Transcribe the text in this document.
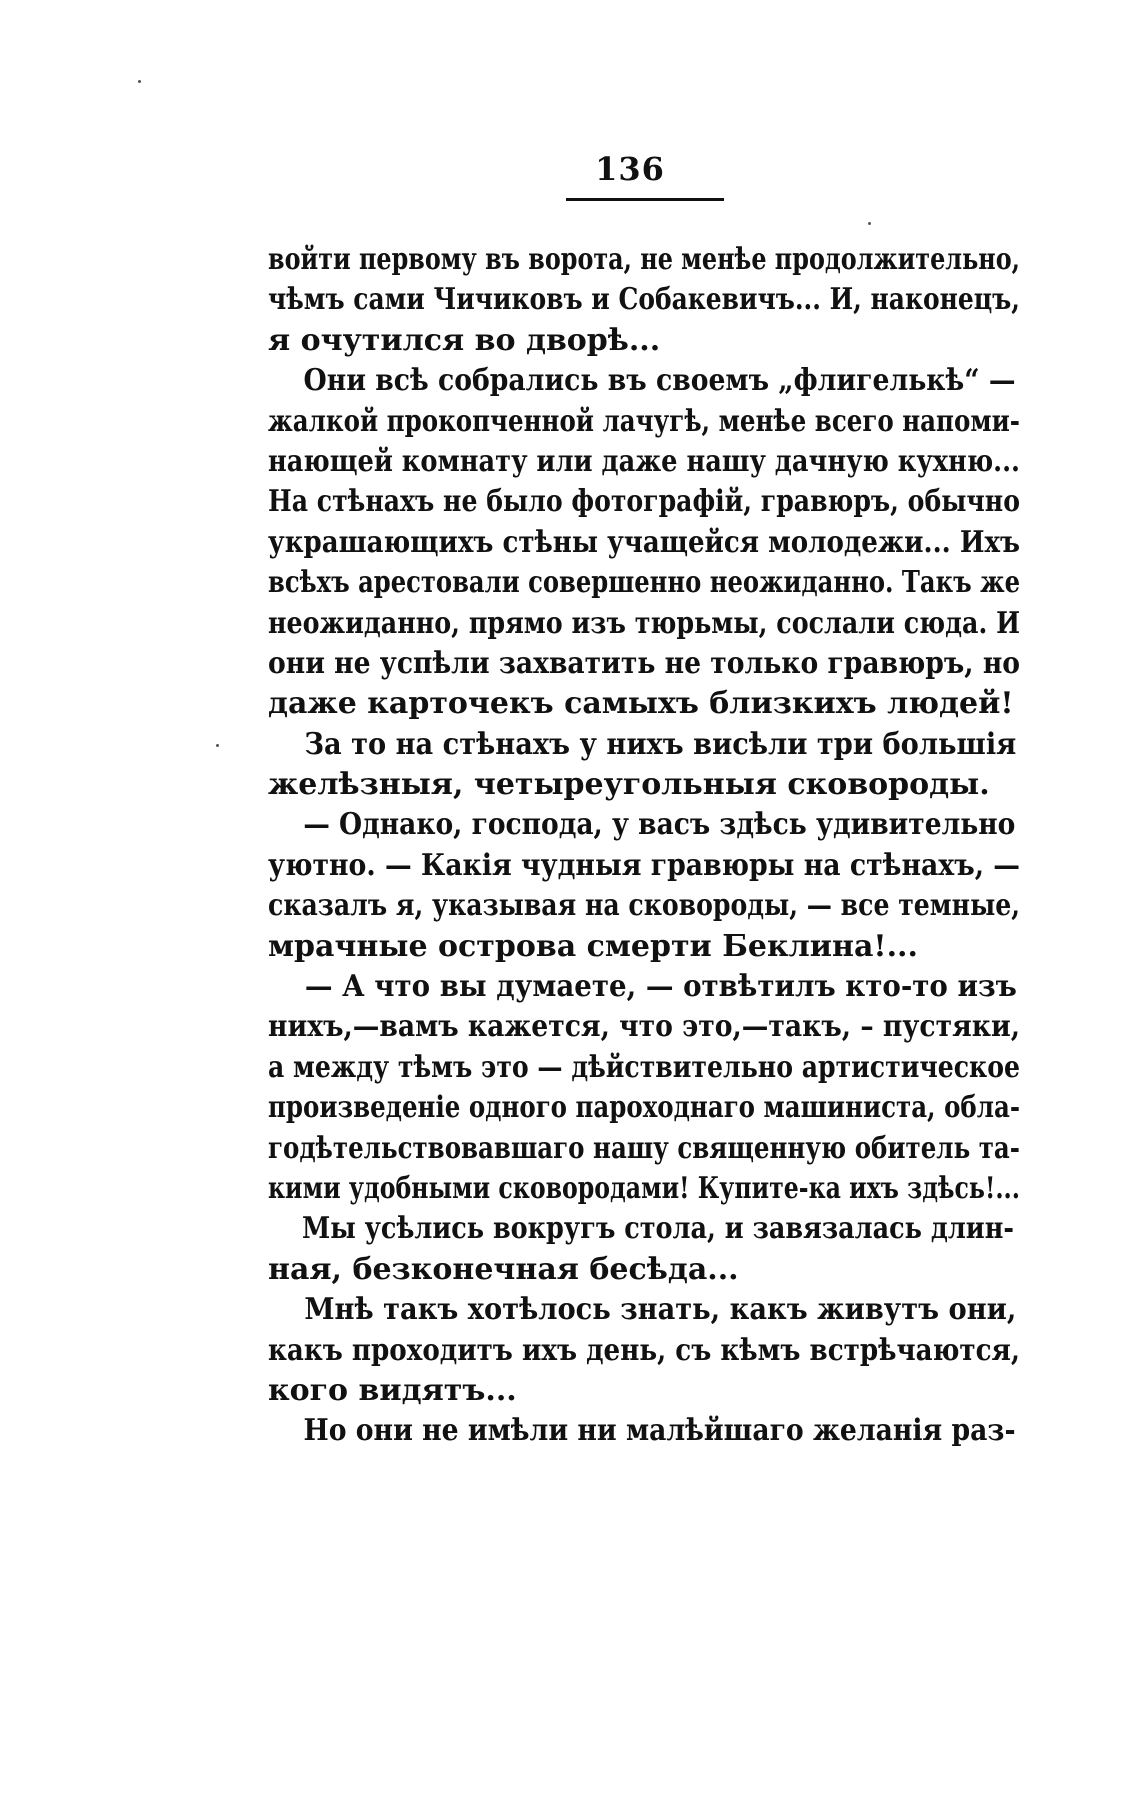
136
войти первому въ ворота, не менѣе продолжительно,
чѣмъ сами Чичиковъ и Собакевичъ... И, наконецъ,
я очутился во дворѣ...
Они всѣ собрались въ своемъ „флигелькѣ“ —
жалкой прокопченной лачугѣ, менѣе всего напоми-
нающей комнату или даже нашу дачную кухню...
На стѣнахъ не было фотографій, гравюръ, обычно
украшающихъ стѣны учащейся молодежи... Ихъ
всѣхъ арестовали совершенно неожиданно. Такъ же
неожиданно, прямо изъ тюрьмы, сослали сюда. И
они не успѣли захватить не только гравюръ, но
даже карточекъ самыхъ близкихъ людей!
За то на стѣнахъ у нихъ висѣли три большія
желѣзныя, четыреугольныя сковороды.
— Однако, господа, у васъ здѣсь удивительно
уютно. — Какія чудныя гравюры на стѣнахъ, —
сказалъ я, указывая на сковороды, — все темные,
мрачные острова смерти Беклина!...
— А что вы думаете, — отвѣтилъ кто-то изъ
нихъ,—вамъ кажется, что это,—такъ, – пустяки,
а между тѣмъ это — дѣйствительно артистическое
произведеніе одного пароходнаго машиниста, обла-
годѣтельствовавшаго нашу священную обитель та-
кими удобными сковородами! Купите-ка ихъ здѣсь!...
Мы усѣлись вокругъ стола, и завязалась длин-
ная, безконечная бесѣда...
Мнѣ такъ хотѣлось знать, какъ живутъ они,
какъ проходитъ ихъ день, съ кѣмъ встрѣчаются,
кого видятъ...
Но они не имѣли ни малѣйшаго желанія раз-
